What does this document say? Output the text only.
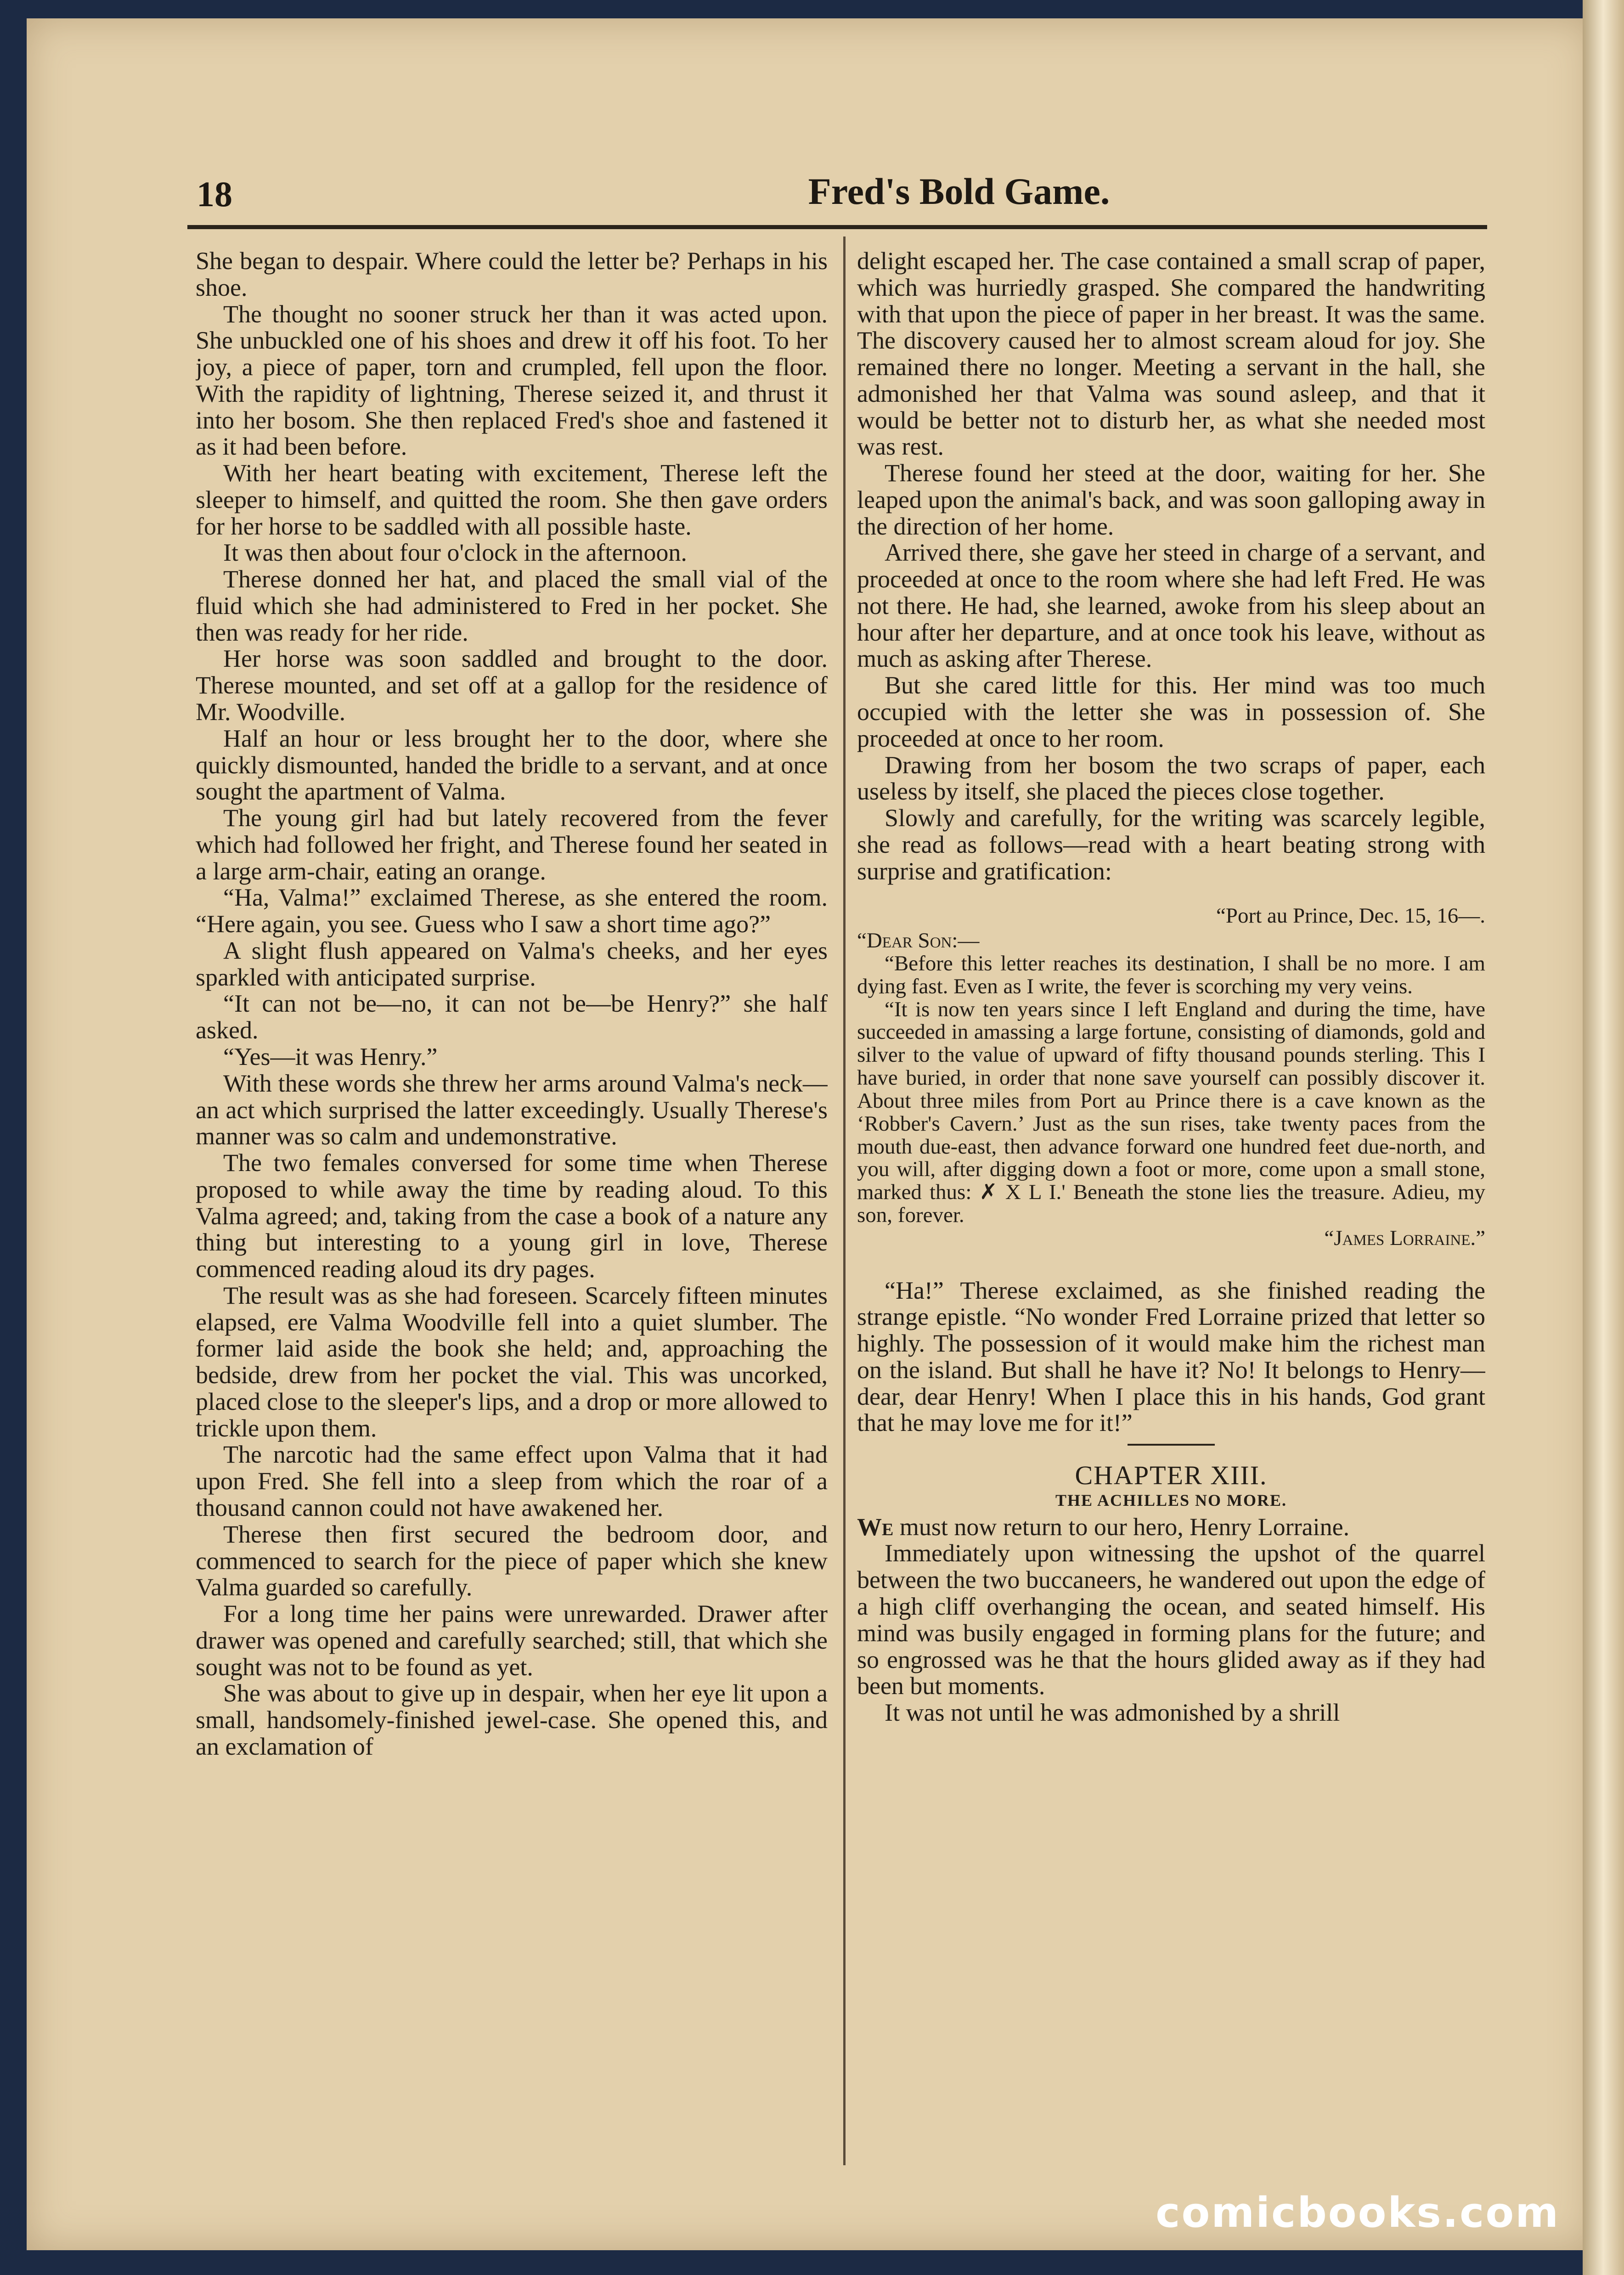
18	Fred's Bold Game.

She began to despair. Where could the letter be? Perhaps in his shoe.

The thought no sooner struck her than it was acted upon. She unbuckled one of his shoes and drew it off his foot. To her joy, a piece of paper, torn and crumpled, fell upon the floor. With the rapidity of lightning, Therese seized it, and thrust it into her bosom. She then replaced Fred's shoe and fastened it as it had been before.

With her heart beating with excitement, Therese left the sleeper to himself, and quitted the room. She then gave orders for her horse to be saddled with all possible haste.

It was then about four o'clock in the afternoon.

Therese donned her hat, and placed the small vial of the fluid which she had administered to Fred in her pocket. She then was ready for her ride.

Her horse was soon saddled and brought to the door. Therese mounted, and set off at a gallop for the residence of Mr. Woodville.

Half an hour or less brought her to the door, where she quickly dismounted, handed the bridle to a servant, and at once sought the apartment of Valma.

The young girl had but lately recovered from the fever which had followed her fright, and Therese found her seated in a large arm-chair, eating an orange.

“Ha, Valma!” exclaimed Therese, as she entered the room. “Here again, you see. Guess who I saw a short time ago?”

A slight flush appeared on Valma's cheeks, and her eyes sparkled with anticipated surprise.

“It can not be—no, it can not be—be Henry?” she half asked.

“Yes—it was Henry.”

With these words she threw her arms around Valma's neck—an act which surprised the latter exceedingly. Usually Therese's manner was so calm and undemonstrative.

The two females conversed for some time when Therese proposed to while away the time by reading aloud. To this Valma agreed; and, taking from the case a book of a nature any thing but interesting to a young girl in love, Therese commenced reading aloud its dry pages.

The result was as she had foreseen. Scarcely fifteen minutes elapsed, ere Valma Woodville fell into a quiet slumber. The former laid aside the book she held; and, approaching the bedside, drew from her pocket the vial. This was uncorked, placed close to the sleeper's lips, and a drop or more allowed to trickle upon them.

The narcotic had the same effect upon Valma that it had upon Fred. She fell into a sleep from which the roar of a thousand cannon could not have awakened her.

Therese then first secured the bedroom door, and commenced to search for the piece of paper which she knew Valma guarded so carefully.

For a long time her pains were unrewarded. Drawer after drawer was opened and carefully searched; still, that which she sought was not to be found as yet.

She was about to give up in despair, when her eye lit upon a small, handsomely-finished jewel-case. She opened this, and an exclamation of

delight escaped her. The case contained a small scrap of paper, which was hurriedly grasped. She compared the handwriting with that upon the piece of paper in her breast. It was the same. The discovery caused her to almost scream aloud for joy. She remained there no longer. Meeting a servant in the hall, she admonished her that Valma was sound asleep, and that it would be better not to disturb her, as what she needed most was rest.

Therese found her steed at the door, waiting for her. She leaped upon the animal's back, and was soon galloping away in the direction of her home.

Arrived there, she gave her steed in charge of a servant, and proceeded at once to the room where she had left Fred. He was not there. He had, she learned, awoke from his sleep about an hour after her departure, and at once took his leave, without as much as asking after Therese.

But she cared little for this. Her mind was too much occupied with the letter she was in possession of. She proceeded at once to her room.

Drawing from her bosom the two scraps of paper, each useless by itself, she placed the pieces close together.

Slowly and carefully, for the writing was scarcely legible, she read as follows—read with a heart beating strong with surprise and gratification:

“Port au Prince, Dec. 15, 16—.

“Dear Son:—

“Before this letter reaches its destination, I shall be no more. I am dying fast. Even as I write, the fever is scorching my very veins.

“It is now ten years since I left England and during the time, have succeeded in amassing a large fortune, consisting of diamonds, gold and silver to the value of upward of fifty thousand pounds sterling. This I have buried, in order that none save yourself can possibly discover it. About three miles from Port au Prince there is a cave known as the ‘Robber's Cavern.’ Just as the sun rises, take twenty paces from the mouth due-east, then advance forward one hundred feet due-north, and you will, after digging down a foot or more, come upon a small stone, marked thus: ✗ X L I.' Beneath the stone lies the treasure. Adieu, my son, forever.

“James Lorraine.”

“Ha!” Therese exclaimed, as she finished reading the strange epistle. “No wonder Fred Lorraine prized that letter so highly. The possession of it would make him the richest man on the island. But shall he have it? No! It belongs to Henry—dear, dear Henry! When I place this in his hands, God grant that he may love me for it!”

CHAPTER XIII.

THE ACHILLES NO MORE.

We must now return to our hero, Henry Lorraine.

Immediately upon witnessing the upshot of the quarrel between the two buccaneers, he wandered out upon the edge of a high cliff overhanging the ocean, and seated himself. His mind was busily engaged in forming plans for the future; and so engrossed was he that the hours glided away as if they had been but moments.

It was not until he was admonished by a shrill

comicbooks.com
